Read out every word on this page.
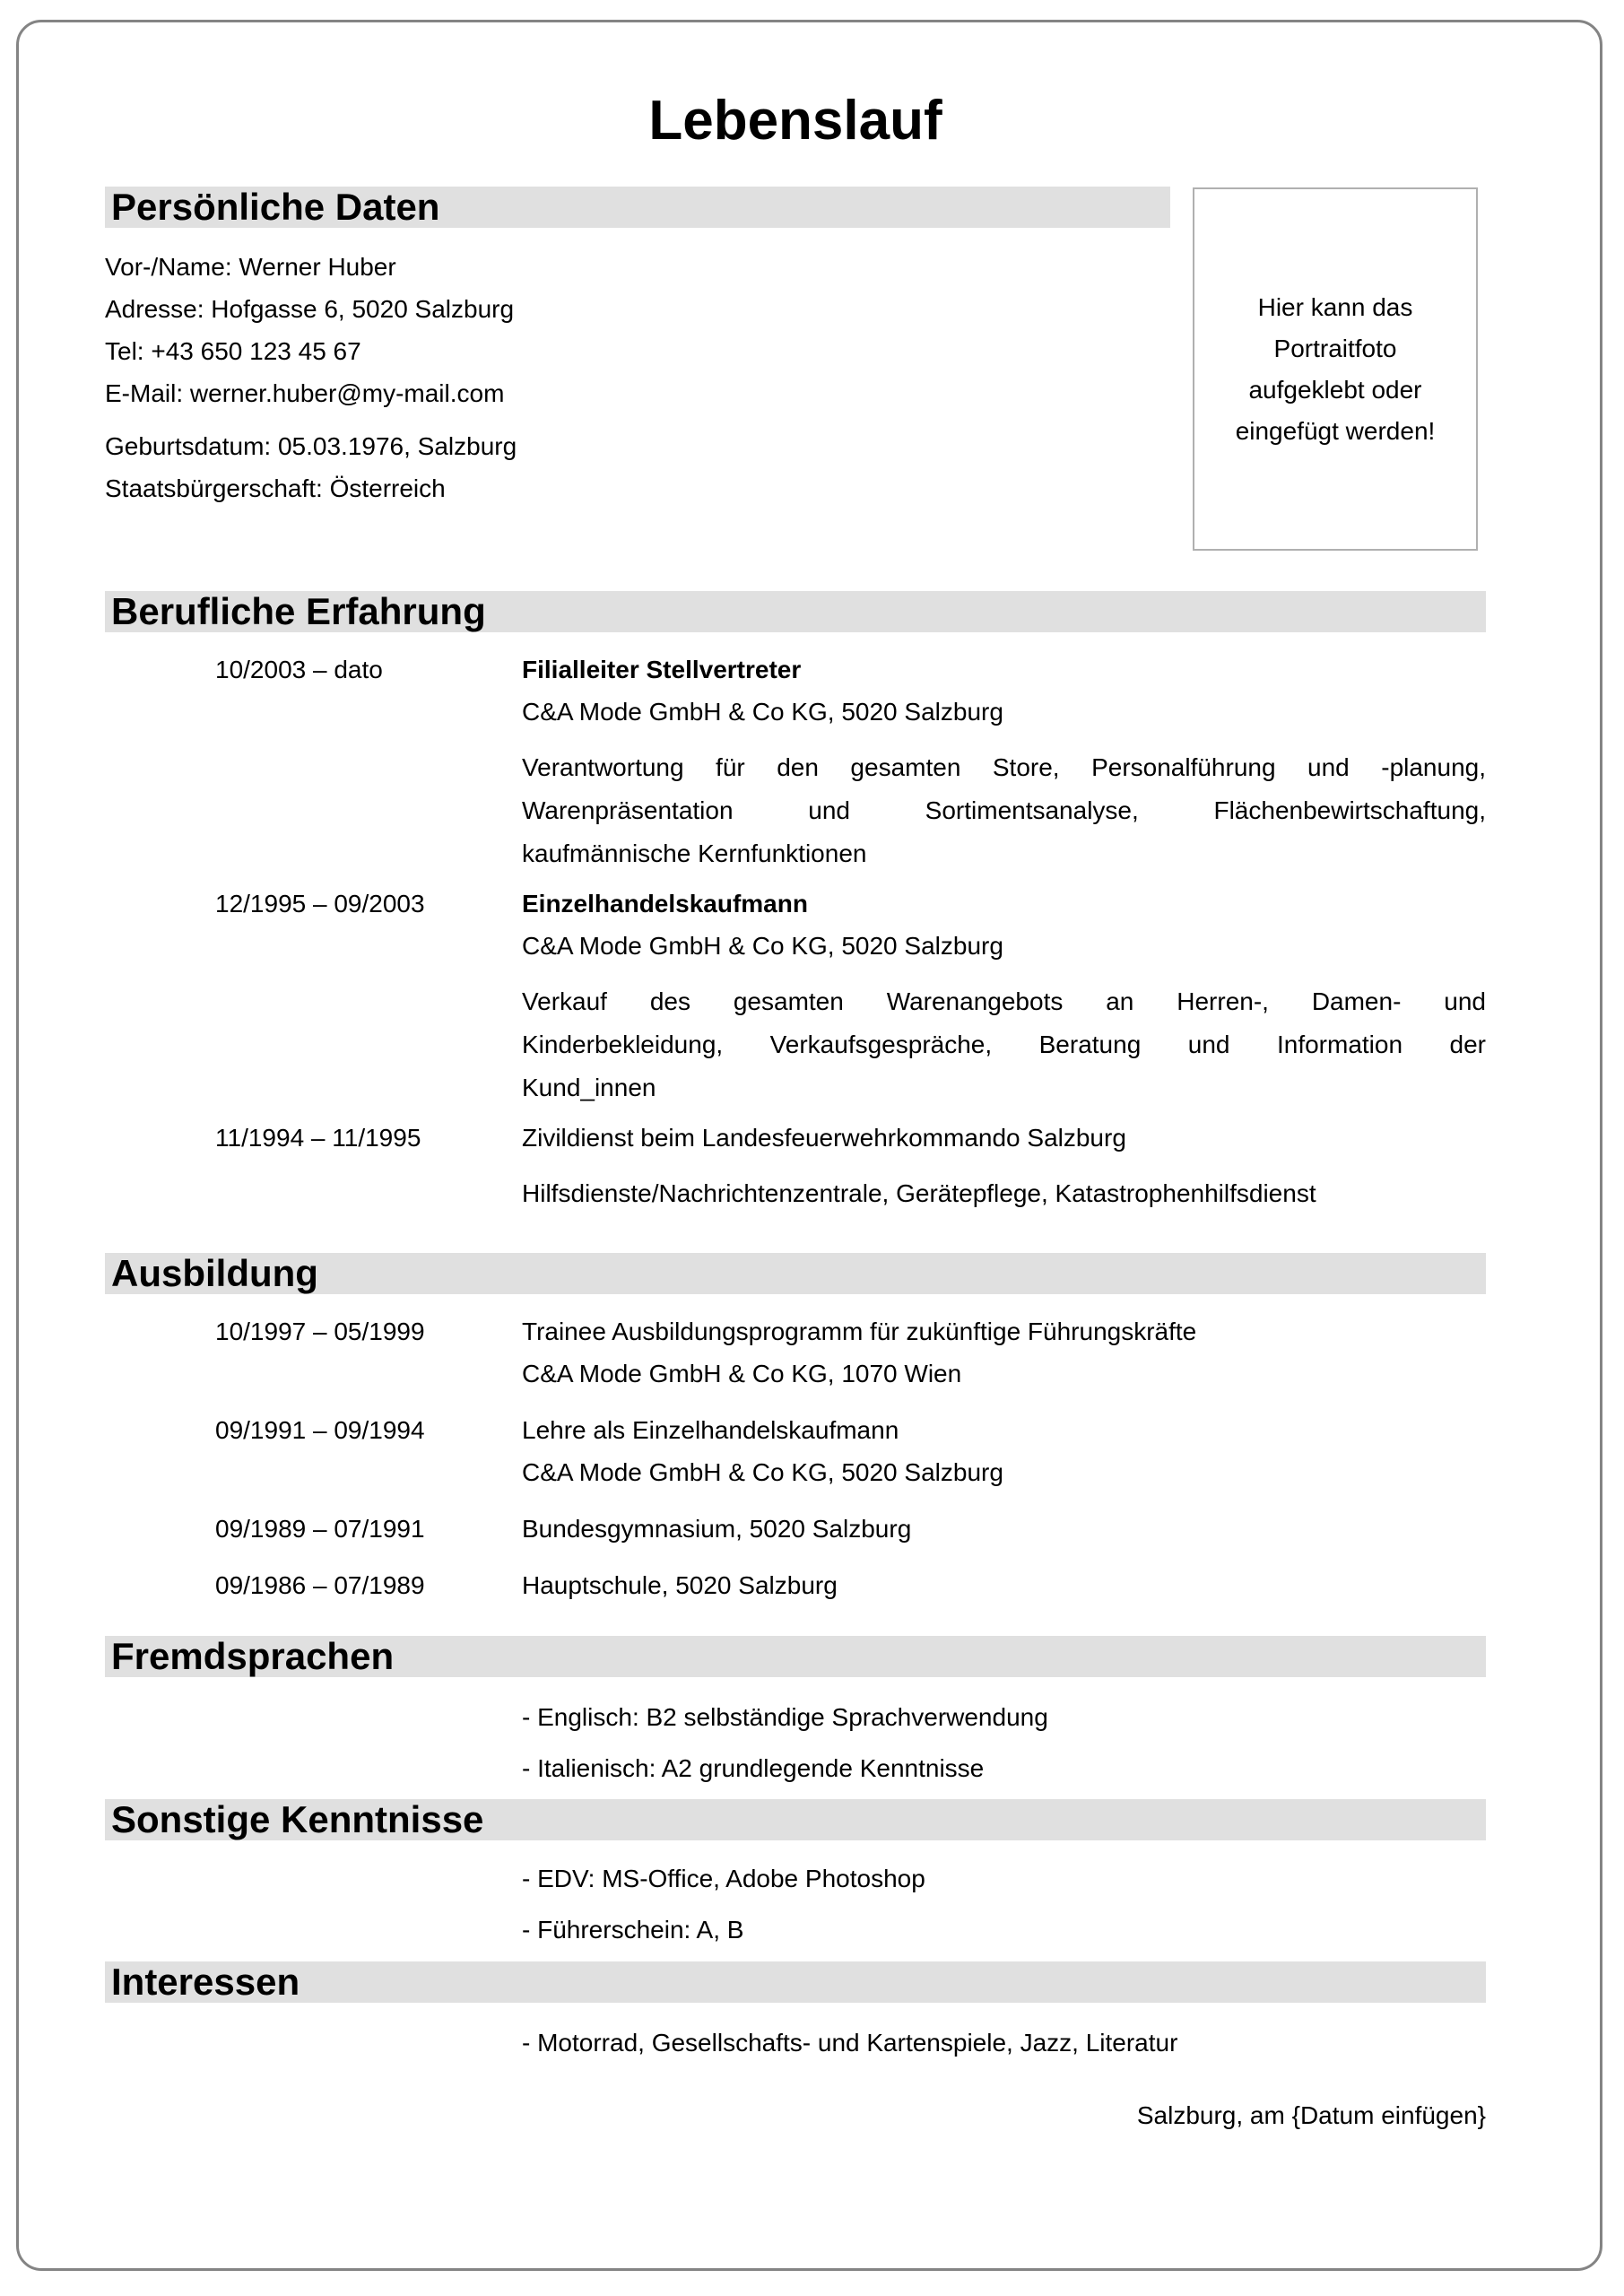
Hier kann das
Portraitfoto
aufgeklebt oder
eingefügt werden!
Lebenslauf
Persönliche Daten
Vor-/Name: Werner Huber
Adresse: Hofgasse 6, 5020 Salzburg
Tel: +43 650 123 45 67
E-Mail: werner.huber@my-mail.com
Geburtsdatum: 05.03.1976, Salzburg
Staatsbürgerschaft: Österreich
Berufliche Erfahrung
10/2003 – dato	Filialleiter Stellvertreter
C&A Mode GmbH & Co KG, 5020 Salzburg
Verantwortung für den gesamten Store, Personalführung und -planung,
Warenpräsentation und Sortimentsanalyse, Flächenbewirtschaftung,
kaufmännische Kernfunktionen
12/1995 – 09/2003	Einzelhandelskaufmann
C&A Mode GmbH & Co KG, 5020 Salzburg
Verkauf des gesamten Warenangebots an Herren-, Damen- und
Kinderbekleidung, Verkaufsgespräche, Beratung und Information der
Kund_innen
11/1994 – 11/1995	Zivildienst beim Landesfeuerwehrkommando Salzburg
Hilfsdienste/Nachrichtenzentrale, Gerätepflege, Katastrophenhilfsdienst
Ausbildung
10/1997 – 05/1999	Trainee Ausbildungsprogramm für zukünftige Führungskräfte
C&A Mode GmbH & Co KG, 1070 Wien
09/1991 – 09/1994	Lehre als Einzelhandelskaufmann
C&A Mode GmbH & Co KG, 5020 Salzburg
09/1989 – 07/1991	Bundesgymnasium, 5020 Salzburg
09/1986 – 07/1989	Hauptschule, 5020 Salzburg
Fremdsprachen
- Englisch: B2 selbständige Sprachverwendung
- Italienisch: A2 grundlegende Kenntnisse
Sonstige Kenntnisse
- EDV: MS-Office, Adobe Photoshop
- Führerschein: A, B
Interessen
- Motorrad, Gesellschafts- und Kartenspiele, Jazz, Literatur
Salzburg, am {Datum einfügen}
